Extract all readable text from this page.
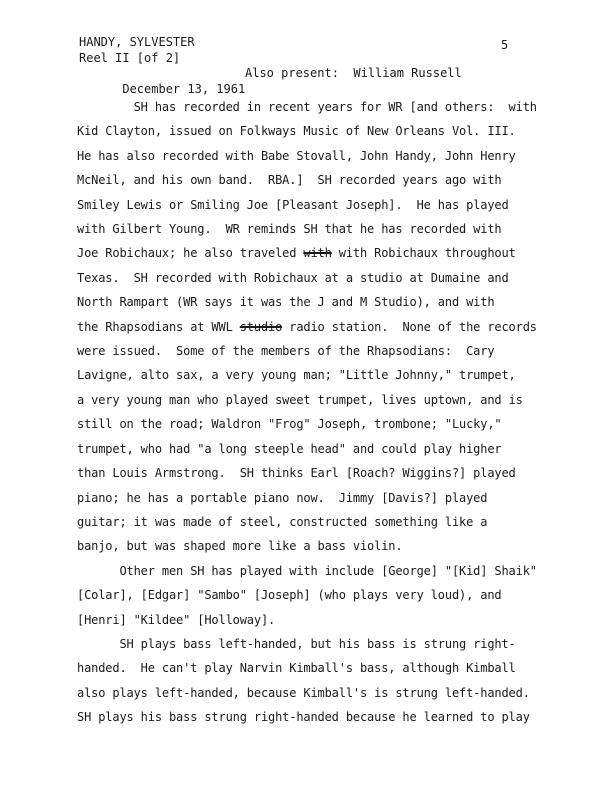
HANDY, SYLVESTER
Reel II [of 2]

December 13, 1961

Also present:  William Russell

5

SH has recorded in recent years for WR [and others:  with
Kid Clayton, issued on Folkways Music of New Orleans Vol. III.
He has also recorded with Babe Stovall, John Handy, John Henry
McNeil, and his own band.  RBA.]  SH recorded years ago with
Smiley Lewis or Smiling Joe [Pleasant Joseph].  He has played
with Gilbert Young.  WR reminds SH that he has recorded with
Joe Robichaux; he also traveled with with Robichaux throughout
Texas.  SH recorded with Robichaux at a studio at Dumaine and
North Rampart (WR says it was the J and M Studio), and with
the Rhapsodians at WWL studio radio station.  None of the records
were issued.  Some of the members of the Rhapsodians:  Cary
Lavigne, alto sax, a very young man; "Little Johnny," trumpet,
a very young man who played sweet trumpet, lives uptown, and is
still on the road; Waldron "Frog" Joseph, trombone; "Lucky,"
trumpet, who had "a long steeple head" and could play higher
than Louis Armstrong.  SH thinks Earl [Roach? Wiggins?] played
piano; he has a portable piano now.  Jimmy [Davis?] played
guitar; it was made of steel, constructed something like a
banjo, but was shaped more like a bass violin.

Other men SH has played with include [George] "[Kid] Shaik"
[Colar], [Edgar] "Sambo" [Joseph] (who plays very loud), and
[Henri] "Kildee" [Holloway].

SH plays bass left-handed, but his bass is strung right-
handed.  He can't play Narvin Kimball's bass, although Kimball
also plays left-handed, because Kimball's is strung left-handed.
SH plays his bass strung right-handed because he learned to play
